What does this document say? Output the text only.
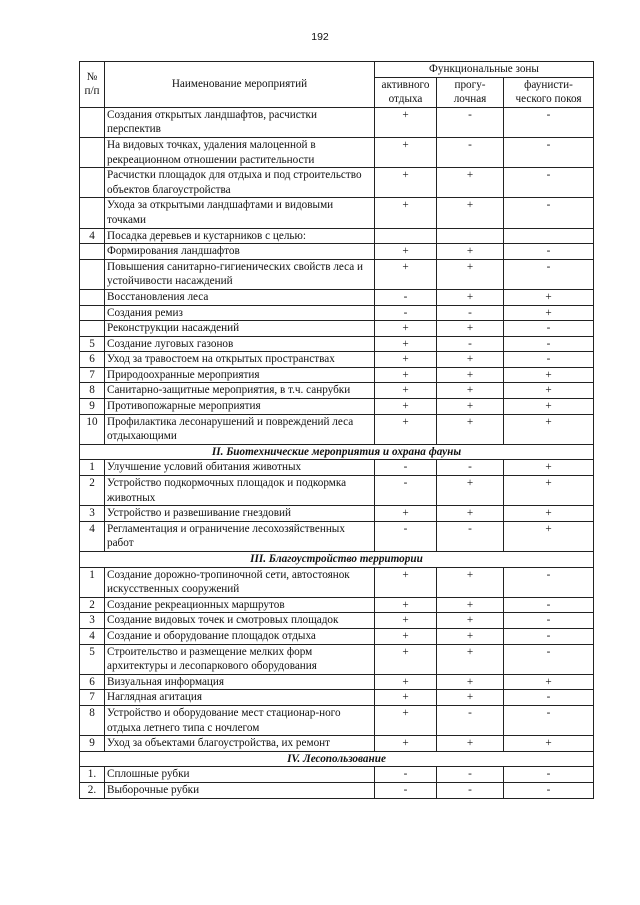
192
№ п/п	Наименование мероприятий	Функциональные зоны		
		активного отдыха	прогу- лочная	фаунисти- ческого покоя
	Создания открытых ландшафтов, расчистки перспектив	+	-	-
	На видовых точках, удаления малоценной в рекреационном отношении растительности	+	-	-
	Расчистки площадок для отдыха и под строительство объектов благоустройства	+	+	-
	Ухода за открытыми ландшафтами и видовыми точками	+	+	-
4	Посадка деревьев и кустарников с целью:			
	Формирования ландшафтов	+	+	-
	Повышения санитарно-гигиенических свойств леса и устойчивости насаждений	+	+	-
	Восстановления леса	-	+	+
	Создания ремиз	-	-	+
	Реконструкции насаждений	+	+	-
5	Создание луговых газонов	+	-	-
6	Уход за травостоем на открытых пространствах	+	+	-
7	Природоохранные мероприятия	+	+	+
8	Санитарно-защитные мероприятия, в т.ч. санрубки	+	+	+
9	Противопожарные мероприятия	+	+	+
10	Профилактика лесонарушений и повреждений леса отдыхающими	+	+	+
II. Биотехнические мероприятия и охрана фауны				
1	Улучшение условий обитания животных	-	-	+
2	Устройство подкормочных площадок и подкормка животных	-	+	+
3	Устройство и развешивание гнездовий	+	+	+
4	Регламентация и ограничение лесохозяйственных работ	-	-	+
III. Благоустройство территории				
1	Создание дорожно-тропиночной сети, автостоянок искусственных сооружений	+	+	-
2	Создание рекреационных маршрутов	+	+	-
3	Создание видовых точек и смотровых площадок	+	+	-
4	Создание и оборудование площадок отдыха	+	+	-
5	Строительство и размещение мелких форм архитектуры и лесопаркового оборудования	+	+	-
6	Визуальная информация	+	+	+
7	Наглядная агитация	+	+	-
8	Устройство и оборудование мест стационар-ного отдыха летнего типа с ночлегом	+	-	-
9	Уход за объектами благоустройства, их ремонт	+	+	+
IV. Лесопользование				
1.	Сплошные рубки	-	-	-
2.	Выборочные рубки	-	-	-
